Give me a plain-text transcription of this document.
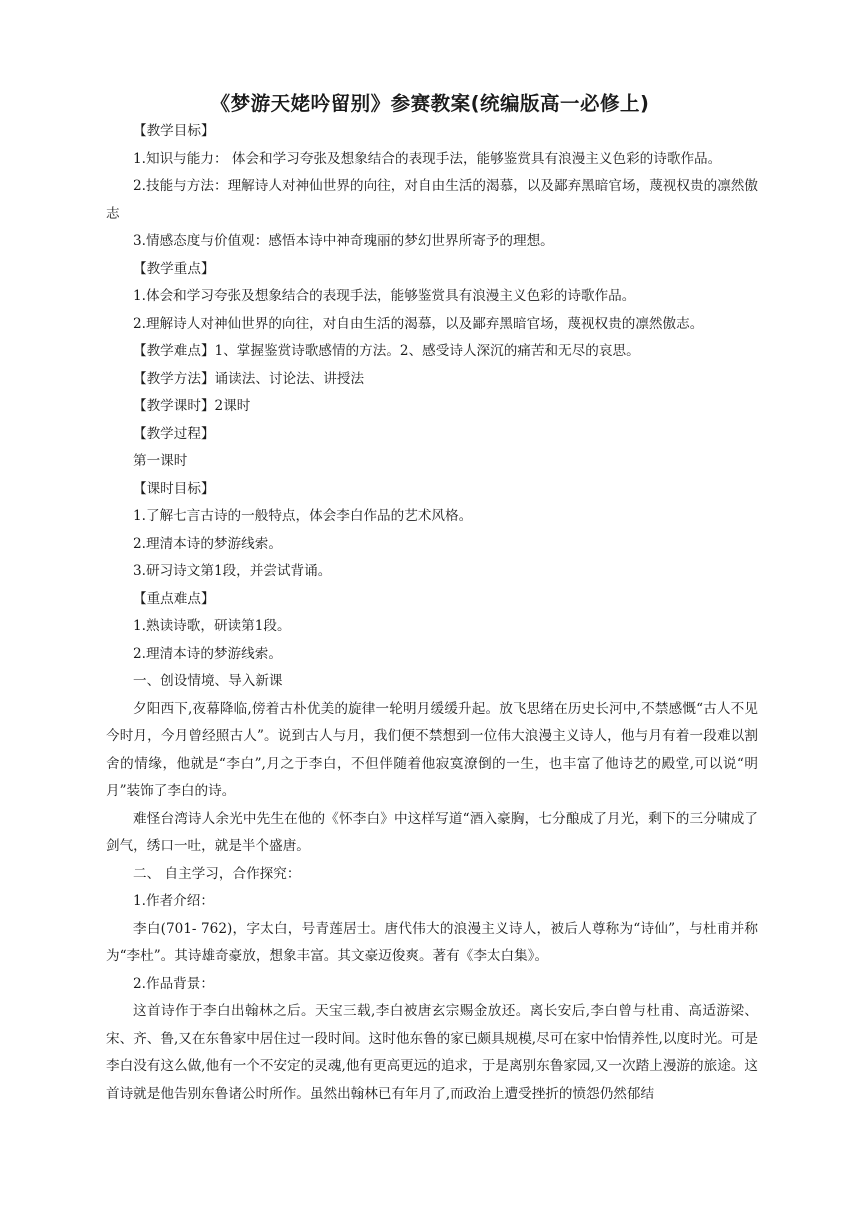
《梦游天姥吟留别》参赛教案(统编版高一必修上)

【教学目标】

1.知识与能力： 体会和学习夸张及想象结合的表现手法，能够鉴赏具有浪漫主义色彩的诗歌作品。

2.技能与方法：理解诗人对神仙世界的向往，对自由生活的渴慕，以及鄙弃黑暗官场，蔑视权贵的凛然傲志

3.情感态度与价值观：感悟本诗中神奇瑰丽的梦幻世界所寄予的理想。

【教学重点】

1.体会和学习夸张及想象结合的表现手法，能够鉴赏具有浪漫主义色彩的诗歌作品。

2.理解诗人对神仙世界的向往，对自由生活的渴慕，以及鄙弃黑暗官场，蔑视权贵的凛然傲志。

【教学难点】1、掌握鉴赏诗歌感情的方法。2、感受诗人深沉的痛苦和无尽的哀思。

【教学方法】诵读法、讨论法、讲授法

【教学课时】2课时

【教学过程】

第一课时

【课时目标】

1.了解七言古诗的一般特点，体会李白作品的艺术风格。

2.理清本诗的梦游线索。

3.研习诗文第1段，并尝试背诵。

【重点难点】

1.熟读诗歌，研读第1段。

2.理清本诗的梦游线索。

一、创设情境、导入新课

夕阳西下,夜幕降临,傍着古朴优美的旋律一轮明月缓缓升起。放飞思绪在历史长河中,不禁感慨“古人不见今时月，今月曾经照古人”。说到古人与月，我们便不禁想到一位伟大浪漫主义诗人，他与月有着一段难以割舍的情缘，他就是“李白”,月之于李白，不但伴随着他寂寞潦倒的一生，也丰富了他诗艺的殿堂,可以说“明月”装饰了李白的诗。

难怪台湾诗人余光中先生在他的《怀李白》中这样写道“酒入豪胸，七分酿成了月光，剩下的三分啸成了剑气，绣口一吐，就是半个盛唐。

二、 自主学习，合作探究：

1.作者介绍：

李白(701- 762)，字太白，号青莲居士。唐代伟大的浪漫主义诗人，被后人尊称为“诗仙”，与杜甫并称为“李杜”。其诗雄奇豪放，想象丰富。其文豪迈俊爽。著有《李太白集》。

2.作品背景：

这首诗作于李白出翰林之后。天宝三载,李白被唐玄宗赐金放还。离长安后,李白曾与杜甫、高适游梁、宋、齐、鲁,又在东鲁家中居住过一段时间。这时他东鲁的家已颇具规模,尽可在家中怡情养性,以度时光。可是李白没有这么做,他有一个不安定的灵魂,他有更高更远的追求，于是离别东鲁家园,又一次踏上漫游的旅途。这首诗就是他告别东鲁诸公时所作。虽然出翰林已有年月了,而政治上遭受挫折的愤怨仍然郁结
